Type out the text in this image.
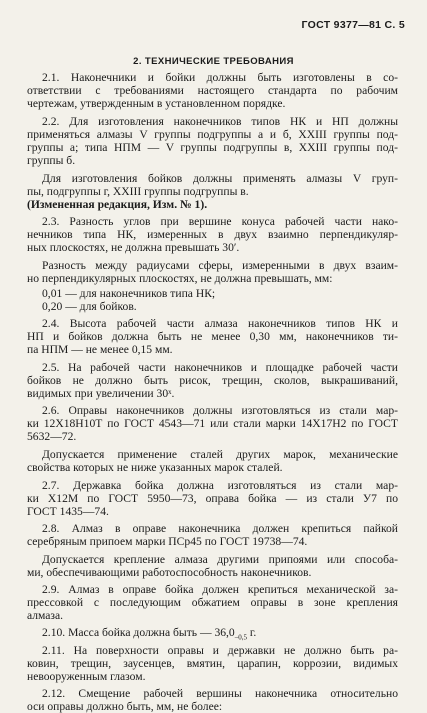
ГОСТ 9377—81 С. 5
2. ТЕХНИЧЕСКИЕ ТРЕБОВАНИЯ
2.1. Наконечники и бойки должны быть изготовлены в со-
ответствии с требованиями настоящего стандарта по рабочим
чертежам, утвержденным в установленном порядке.
2.2. Для изготовления наконечников типов НК и НП должны
применяться алмазы V группы подгруппы а и б, XXIII группы под-
группы а; типа НПМ — V группы подгруппы в, XXIII группы под-
группы б.
Для изготовления бойков должны применять алмазы V груп-
пы, подгруппы г, XXIII группы подгруппы в.
(Измененная редакция, Изм. № 1).
2.3. Разность углов при вершине конуса рабочей части нако-
нечников типа НК, измеренных в двух взаимно перпендикуляр-
ных плоскостях, не должна превышать 30′.
Разность между радиусами сферы, измеренными в двух взаим-
но перпендикулярных плоскостях, не должна превышать, мм:
0,01 — для наконечников типа НК;
0,20 — для бойков.
2.4. Высота рабочей части алмаза наконечников типов НК и
НП и бойков должна быть не менее 0,30 мм, наконечников ти-
па НПМ — не менее 0,15 мм.
2.5. На рабочей части наконечников и площадке рабочей части
бойков не должно быть рисок, трещин, сколов, выкрашиваний,
видимых при увеличении 30ˣ.
2.6. Оправы наконечников должны изготовляться из стали мар-
ки 12Х18Н10Т по ГОСТ 4543—71 или стали марки 14Х17Н2 по ГОСТ
5632—72.
Допускается применение сталей других марок, механические
свойства которых не ниже указанных марок сталей.
2.7. Державка бойка должна изготовляться из стали мар-
ки Х12М по ГОСТ 5950—73, оправа бойка — из стали У7 по
ГОСТ 1435—74.
2.8. Алмаз в оправе наконечника должен крепиться пайкой
серебряным припоем марки ПСр45 по ГОСТ 19738—74.
Допускается крепление алмаза другими припоями или способа-
ми, обеспечивающими работоспособность наконечников.
2.9. Алмаз в оправе бойка должен крепиться механической за-
прессовкой с последующим обжатием оправы в зоне крепления
алмаза.
2.10. Масса бойка должна быть — $36,0_{-0,5}$ г.
2.11. На поверхности оправы и державки не должно быть ра-
ковин, трещин, заусенцев, вмятин, царапин, коррозии, видимых
невооруженным глазом.
2.12. Смещение рабочей вершины наконечника относительно
оси оправы должно быть, мм, не более:
